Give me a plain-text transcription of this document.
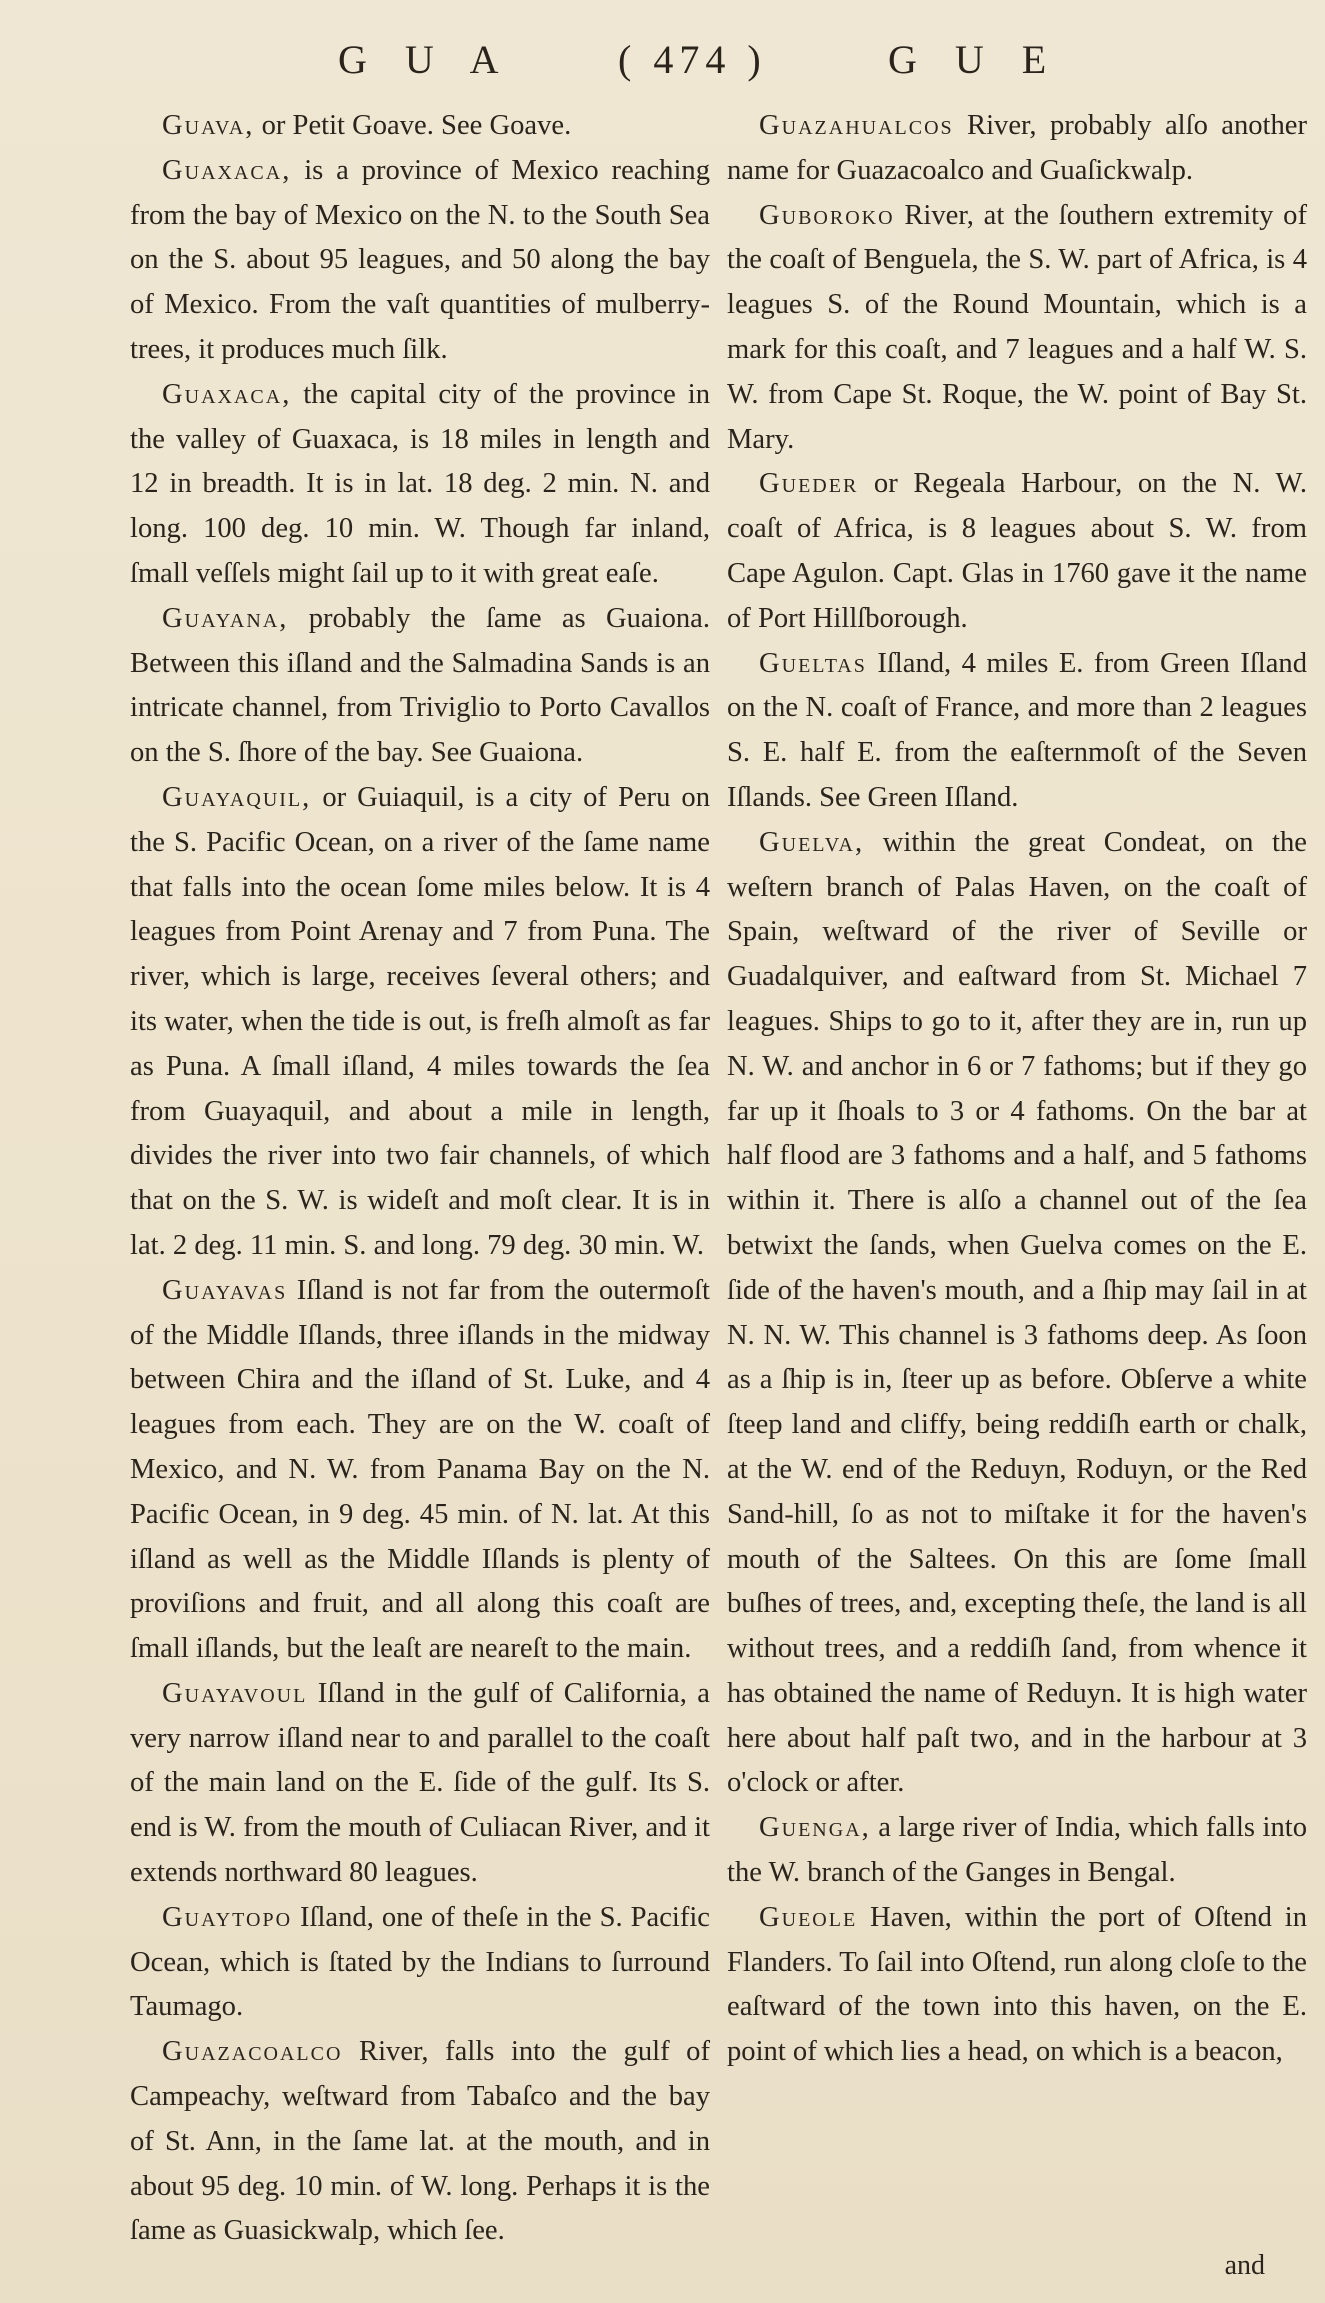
G U A	( 474 )	G U E

Guava, or Petit Goave. See Goave.

Guaxaca, is a province of Mexico reaching from the bay of Mexico on the N. to the South Sea on the S. about 95 leagues, and 50 along the bay of Mexico. From the vaſt quantities of mulberry-trees, it produces much ſilk.

Guaxaca, the capital city of the province in the valley of Guaxaca, is 18 miles in length and 12 in breadth. It is in lat. 18 deg. 2 min. N. and long. 100 deg. 10 min. W. Though far inland, ſmall veſſels might ſail up to it with great eaſe.

Guayana, probably the ſame as Guaiona. Between this iſland and the Salmadina Sands is an intricate channel, from Triviglio to Porto Cavallos on the S. ſhore of the bay. See Guaiona.

Guayaquil, or Guiaquil, is a city of Peru on the S. Pacific Ocean, on a river of the ſame name that falls into the ocean ſome miles below. It is 4 leagues from Point Arenay and 7 from Puna. The river, which is large, receives ſeveral others; and its water, when the tide is out, is freſh almoſt as far as Puna. A ſmall iſland, 4 miles towards the ſea from Guayaquil, and about a mile in length, divides the river into two fair channels, of which that on the S. W. is wideſt and moſt clear. It is in lat. 2 deg. 11 min. S. and long. 79 deg. 30 min. W.

Guayavas Iſland is not far from the outermoſt of the Middle Iſlands, three iſlands in the midway between Chira and the iſland of St. Luke, and 4 leagues from each. They are on the W. coaſt of Mexico, and N. W. from Panama Bay on the N. Pacific Ocean, in 9 deg. 45 min. of N. lat. At this iſland as well as the Middle Iſlands is plenty of proviſions and fruit, and all along this coaſt are ſmall iſlands, but the leaſt are neareſt to the main.

Guayavoul Iſland in the gulf of California, a very narrow iſland near to and parallel to the coaſt of the main land on the E. ſide of the gulf. Its S. end is W. from the mouth of Culiacan River, and it extends northward 80 leagues.

Guaytopo Iſland, one of theſe in the S. Pacific Ocean, which is ſtated by the Indians to ſurround Taumago.

Guazacoalco River, falls into the gulf of Campeachy, weſtward from Tabaſco and the bay of St. Ann, in the ſame lat. at the mouth, and in about 95 deg. 10 min. of W. long. Perhaps it is the ſame as Guasickwalp, which ſee.

Guazahualcos River, probably alſo another name for Guazacoalco and Guaſickwalp.

Guboroko River, at the ſouthern extremity of the coaſt of Benguela, the S. W. part of Africa, is 4 leagues S. of the Round Mountain, which is a mark for this coaſt, and 7 leagues and a half W. S. W. from Cape St. Roque, the W. point of Bay St. Mary.

Gueder or Regeala Harbour, on the N. W. coaſt of Africa, is 8 leagues about S. W. from Cape Agulon. Capt. Glas in 1760 gave it the name of Port Hillſborough.

Gueltas Iſland, 4 miles E. from Green Iſland on the N. coaſt of France, and more than 2 leagues S. E. half E. from the eaſternmoſt of the Seven Iſlands. See Green Iſland.

Guelva, within the great Condeat, on the weſtern branch of Palas Haven, on the coaſt of Spain, weſtward of the river of Seville or Guadalquiver, and eaſtward from St. Michael 7 leagues. Ships to go to it, after they are in, run up N. W. and anchor in 6 or 7 fathoms; but if they go far up it ſhoals to 3 or 4 fathoms. On the bar at half flood are 3 fathoms and a half, and 5 fathoms within it. There is alſo a channel out of the ſea betwixt the ſands, when Guelva comes on the E. ſide of the haven's mouth, and a ſhip may ſail in at N. N. W. This channel is 3 fathoms deep. As ſoon as a ſhip is in, ſteer up as before. Obſerve a white ſteep land and cliffy, being reddiſh earth or chalk, at the W. end of the Reduyn, Roduyn, or the Red Sand-hill, ſo as not to miſtake it for the haven's mouth of the Saltees. On this are ſome ſmall buſhes of trees, and, excepting theſe, the land is all without trees, and a reddiſh ſand, from whence it has obtained the name of Reduyn. It is high water here about half paſt two, and in the harbour at 3 o'clock or after.

Guenga, a large river of India, which falls into the W. branch of the Ganges in Bengal.

Gueole Haven, within the port of Oſtend in Flanders. To ſail into Oſtend, run along cloſe to the eaſtward of the town into this haven, on the E. point of which lies a head, on which is a beacon,

and
